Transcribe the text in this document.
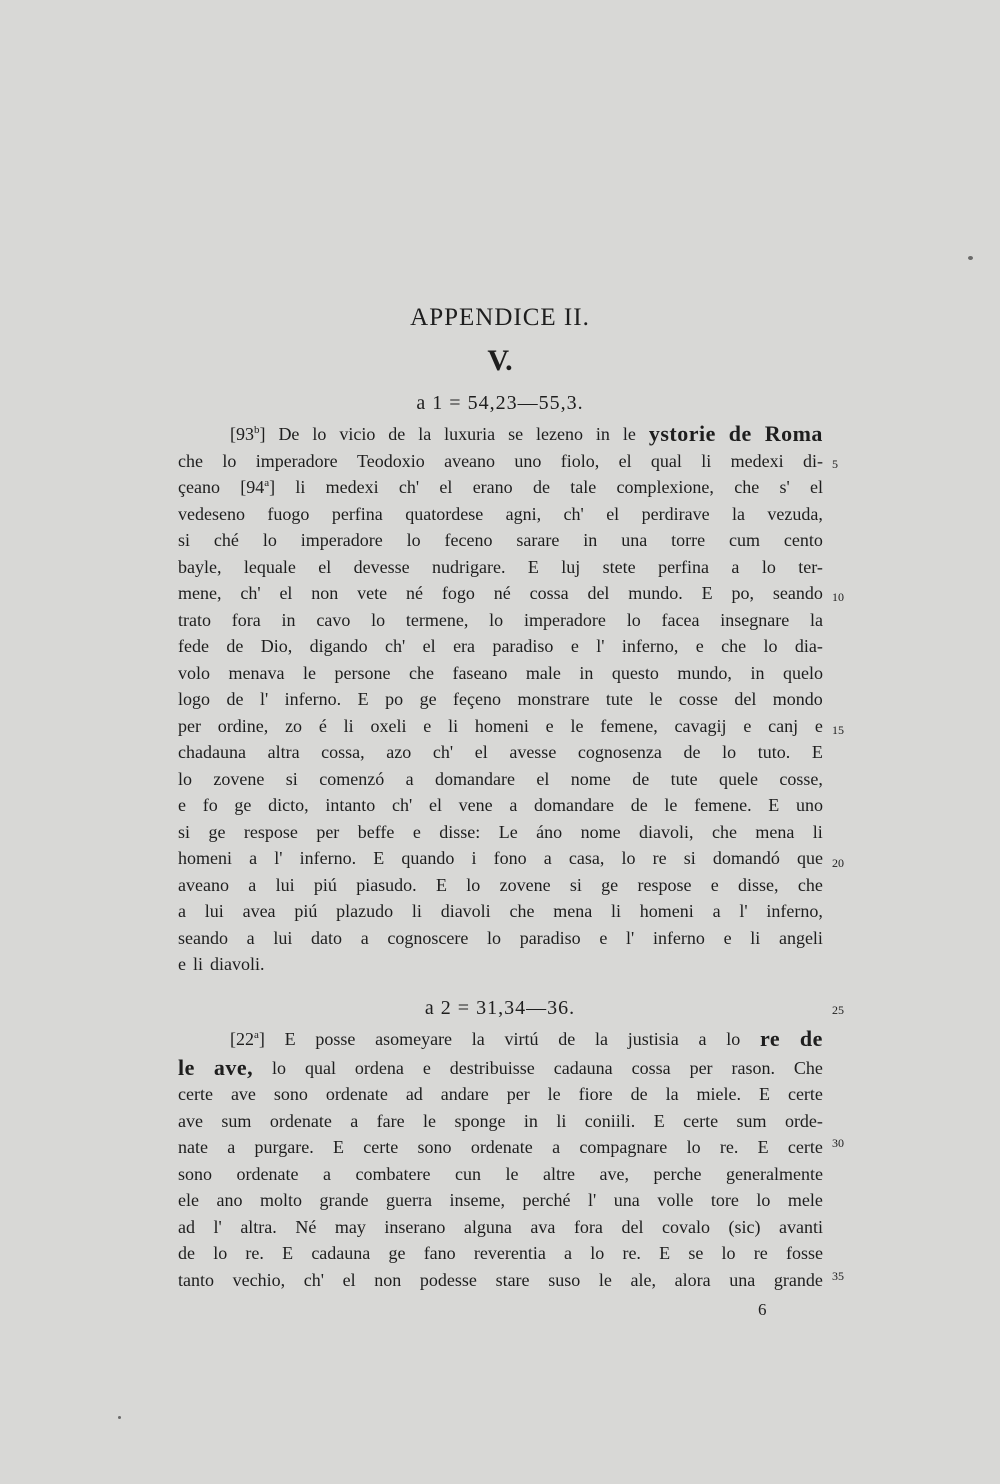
APPENDICE II.
V.
a 1 = 54,23—55,3.
[93$^b$] De lo vicio de la luxuria se lezeno in le ystorie de Roma
che lo imperadore Teodoxio aveano uno fiolo, el qual li medexi di-
çeano [94$^a$] li medexi ch' el erano de tale complexione, che s' el
vedeseno fuogo perfina quatordese agni, ch' el perdirave la vezuda,
si ché lo imperadore lo feceno sarare in una torre cum cento
bayle, lequale el devesse nudrigare. E luj stete perfina a lo ter-
mene, ch' el non vete né fogo né cossa del mundo. E po, seando
trato fora in cavo lo termene, lo imperadore lo facea insegnare la
fede de Dio, digando ch' el era paradiso e l' inferno, e che lo dia-
volo menava le persone che faseano male in questo mundo, in quelo
logo de l' inferno. E po ge feçeno monstrare tute le cosse del mondo
per ordine, zo é li oxeli e li homeni e le femene, cavagij e canj e
chadauna altra cossa, azo ch' el avesse cognosenza de lo tuto. E
lo zovene si comenzó a domandare el nome de tute quele cosse,
e fo ge dicto, intanto ch' el vene a domandare de le femene. E uno
si ge respose per beffe e disse: Le áno nome diavoli, che mena li
homeni a l' inferno. E quando i fono a casa, lo re si domandó que
aveano a lui piú piasudo. E lo zovene si ge respose e disse, che
a lui avea piú plazudo li diavoli che mena li homeni a l' inferno,
seando a lui dato a cognoscere lo paradiso e l' inferno e li angeli
e li diavoli.
a 2 = 31,34—36.
[22$^a$] E posse asomeyare la virtú de la justisia a lo re de
le ave, lo qual ordena e destribuisse cadauna cossa per rason. Che
certe ave sono ordenate ad andare per le fiore de la miele. E certe
ave sum ordenate a fare le sponge in li coniili. E certe sum orde-
nate a purgare. E certe sono ordenate a compagnare lo re. E certe
sono ordenate a combatere cun le altre ave, perche generalmente
ele ano molto grande guerra inseme, perché l' una volle tore lo mele
ad l' altra. Né may inserano alguna ava fora del covalo (sic) avanti
de lo re. E cadauna ge fano reverentia a lo re. E se lo re fosse
tanto vechio, ch' el non podesse stare suso le ale, alora una grande
5
10
15
20
25
30
35
6
